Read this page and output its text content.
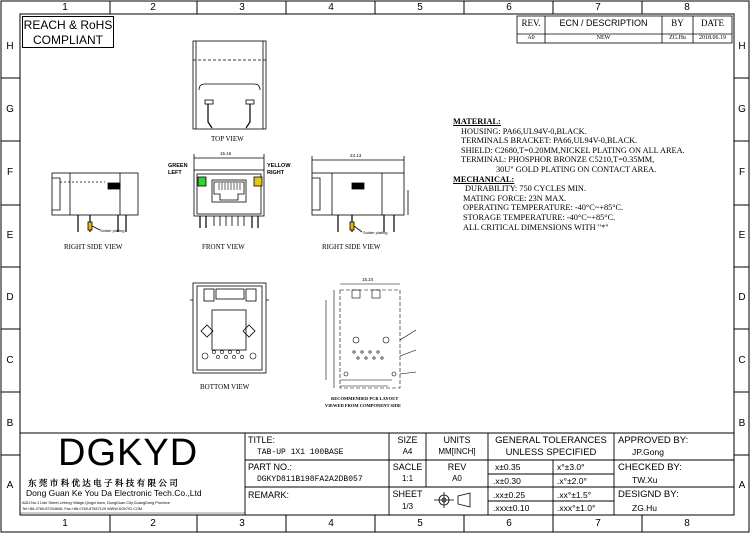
1	2	3	4	5	6	7	8
1	2	3	4	5	6	7	8
H
G
F
E
D
C
B
A
H
G
F
E
D
C
B
A
REACH & RoHS
COMPLIANT
REV.	ECN / DESCRIPTION	BY	DATE
A0	NEW	ZG.Hu	2018.06.19
TOP VIEW
RIGHT SIDE VIEW	FRONT VIEW	RIGHT SIDE VIEW
BOTTOM VIEW
RECOMMENDED PCB LAYOUT
VIEWED FROM COMPONENT SIDE
GREEN
LEFT
YELLOW
RIGHT
Solder plating	Solder plating
15.16	24.13
15.24
MATERIAL:
HOUSING: PA66,UL94V-0,BLACK.
TERMINALS BRACKET: PA66,UL94V-0,BLACK.
SHIELD: C2680,T=0.20MM,NICKEL PLATING ON ALL AREA.
TERMINAL: PHOSPHOR BRONZE C5210,T=0.35MM,
30U" GOLD PLATING ON CONTACT AREA.
MECHANICAL:
DURABILITY: 750 CYCLES MIN.
MATING FORCE: 23N MAX.
OPERATING TEMPERATURE: -40°C~+85°C.
STORAGE TEMPERATURE: -40°C~+85°C.
ALL CRITICAL DIMENSIONS WITH "*"
DGKYD
东 莞 市 科 优 达 电 子 科 技 有 限 公 司
Dong Guan Ke You Da Electronic Tech.Co.,Ltd
ADD:No.1 Lide Street,LiHeng Village,Qingxi town, DongGuan City,GuangDong Province
Tel:+86-0769-87334606; Fax:+86-0769-87847129 WWW.DGKYD.COM
TITLE:
TAB-UP 1X1 100BASE
PART NO.:
DGKYD811B198FA2A2DB057
REMARK:
SIZE
A4
UNITS
MM[INCH]
SACLE
1:1
REV
A0
SHEET
1/3
GENERAL TOLERANCES
UNLESS SPECIFIED
x±0.35	x°±3.0°
.x±0.30	.x°±2.0°
.xx±0.25	.xx°±1.5°
.xxx±0.10	.xxx°±1.0°
APPROVED BY:
JP.Gong
CHECKED BY:
TW.Xu
DESIGND BY:
ZG.Hu
